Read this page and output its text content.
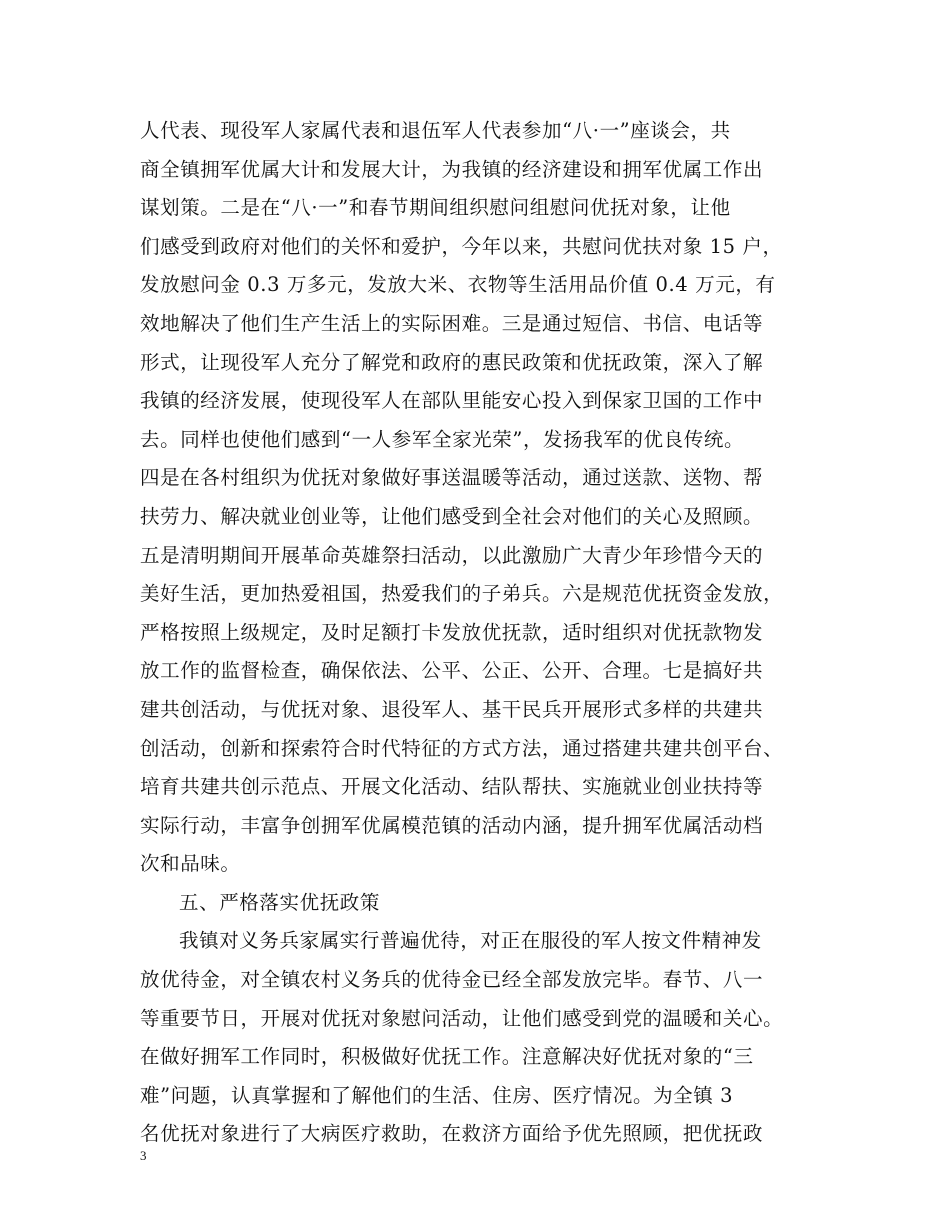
人代表、现役军人家属代表和退伍军人代表参加“八·一”座谈会，共
商全镇拥军优属大计和发展大计，为我镇的经济建设和拥军优属工作出
谋划策。二是在“八·一”和春节期间组织慰问组慰问优抚对象，让他
们感受到政府对他们的关怀和爱护，今年以来，共慰问优扶对象 15 户，
发放慰问金 0.3 万多元，发放大米、衣物等生活用品价值 0.4 万元，有
效地解决了他们生产生活上的实际困难。三是通过短信、书信、电话等
形式，让现役军人充分了解党和政府的惠民政策和优抚政策，深入了解
我镇的经济发展，使现役军人在部队里能安心投入到保家卫国的工作中
去。同样也使他们感到“一人参军全家光荣”，发扬我军的优良传统。
四是在各村组织为优抚对象做好事送温暖等活动，通过送款、送物、帮
扶劳力、解决就业创业等，让他们感受到全社会对他们的关心及照顾。
五是清明期间开展革命英雄祭扫活动，以此激励广大青少年珍惜今天的
美好生活，更加热爱祖国，热爱我们的子弟兵。六是规范优抚资金发放，
严格按照上级规定，及时足额打卡发放优抚款，适时组织对优抚款物发
放工作的监督检查，确保依法、公平、公正、公开、合理。七是搞好共
建共创活动，与优抚对象、退役军人、基干民兵开展形式多样的共建共
创活动，创新和探索符合时代特征的方式方法，通过搭建共建共创平台、
培育共建共创示范点、开展文化活动、结队帮扶、实施就业创业扶持等
实际行动，丰富争创拥军优属模范镇的活动内涵，提升拥军优属活动档
次和品味。
五、严格落实优抚政策
我镇对义务兵家属实行普遍优待，对正在服役的军人按文件精神发
放优待金，对全镇农村义务兵的优待金已经全部发放完毕。春节、八一
等重要节日，开展对优抚对象慰问活动，让他们感受到党的温暖和关心。
在做好拥军工作同时，积极做好优抚工作。注意解决好优抚对象的“三
难”问题，认真掌握和了解他们的生活、住房、医疗情况。为全镇 3
名优抚对象进行了大病医疗救助，在救济方面给予优先照顾，把优抚政
3
